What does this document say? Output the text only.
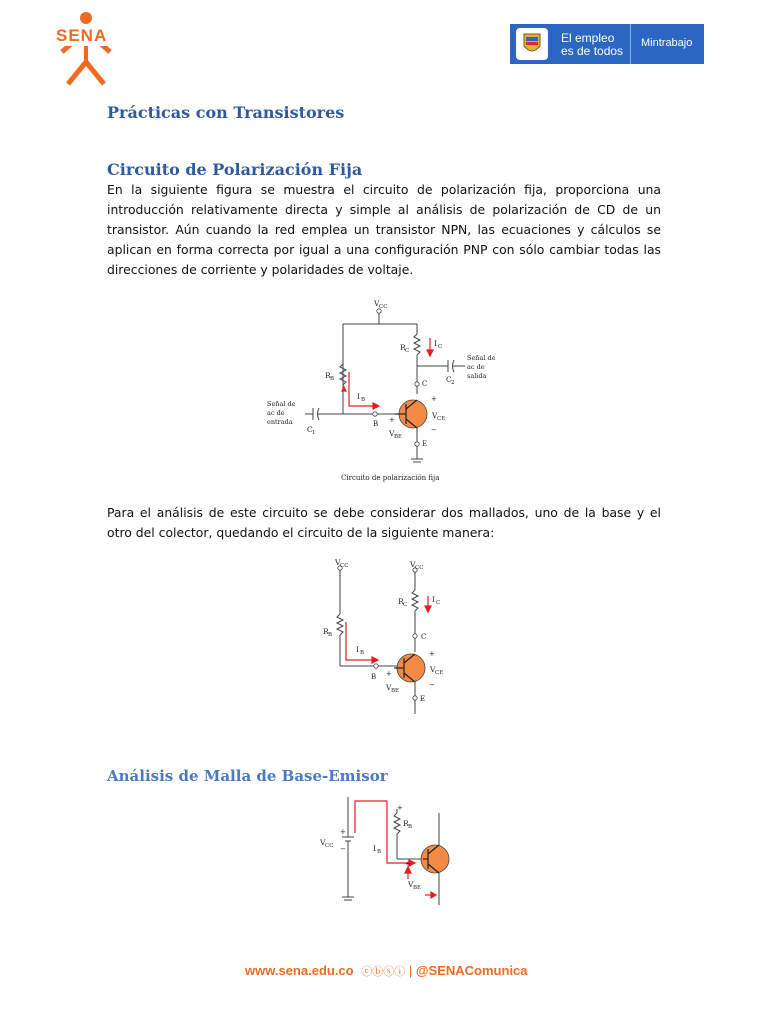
SENA	El empleo
es de todos
Mintrabajo
Prácticas con Transistores
Circuito de Polarización Fija

En la siguiente figura se muestra el circuito de polarización fija, proporciona una introducción relativamente directa y simple al análisis de polarización de CD de un transistor. Aún cuando la red emplea un transistor NPN, las ecuaciones y cálculos se aplican en forma correcta por igual a una configuración PNP con sólo cambiar todas las direcciones de corriente y polaridades de voltaje.

V CC
R C
I C
R B
I B
C
B
E
V CE
+
−
V BE
+
C 1
C 2
Señal de
ac de
entrada
Señal de
ac de
salida
Circuito de polarización fija

Para el análisis de este circuito se debe considerar dos mallados, uno de la base y el otro del colector, quedando el circuito de la siguiente manera:

V CC	V CC
R C
I C
R B
I B
C
B
E
V CE
+
−
V BE
+
Análisis de Malla de Base-Emisor
V CC
+
−
R B
+
I B
V BE
+
www.sena.edu.co ⓒⓑⓢⓘ | @SENAComunica
